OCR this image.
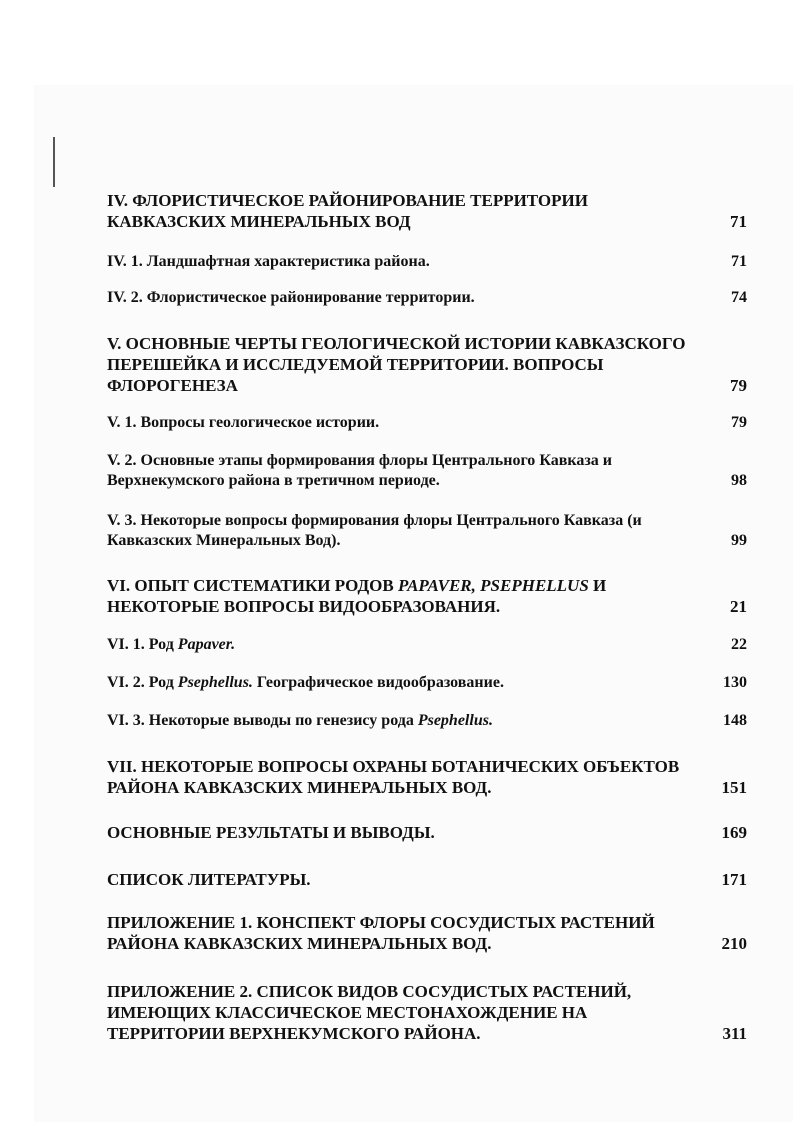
IV. ФЛОРИСТИЧЕСКОЕ РАЙОНИРОВАНИЕ ТЕРРИТОРИИ
КАВКАЗСКИХ МИНЕРАЛЬНЫХ ВОД	71
IV. 1. Ландшафтная характеристика района.	71
IV. 2. Флористическое районирование территории.	74
V. ОСНОВНЫЕ ЧЕРТЫ ГЕОЛОГИЧЕСКОЙ ИСТОРИИ КАВКАЗСКОГО
ПЕРЕШЕЙКА И ИССЛЕДУЕМОЙ ТЕРРИТОРИИ. ВОПРОСЫ
ФЛОРОГЕНЕЗА	79
V. 1. Вопросы геологическое истории.	79
V. 2. Основные этапы формирования флоры Центрального Кавказа и
Верхнекумского района в третичном периоде.	98
V. 3. Некоторые вопросы формирования флоры Центрального Кавказа (и
Кавказских Минеральных Вод).	99
VI. ОПЫТ СИСТЕМАТИКИ РОДОВ PAPAVER, PSEPHELLUS И
НЕКОТОРЫЕ ВОПРОСЫ ВИДООБРАЗОВАНИЯ.	21
VI. 1. Род Papaver.	22
VI. 2. Род Psephellus. Географическое видообразование.	130
VI. 3. Некоторые выводы по генезису рода Psephellus.	148
VII. НЕКОТОРЫЕ ВОПРОСЫ ОХРАНЫ БОТАНИЧЕСКИХ ОБЪЕКТОВ
РАЙОНА КАВКАЗСКИХ МИНЕРАЛЬНЫХ ВОД.	151
ОСНОВНЫЕ РЕЗУЛЬТАТЫ И ВЫВОДЫ.	169
СПИСОК ЛИТЕРАТУРЫ.	171
ПРИЛОЖЕНИЕ 1. КОНСПЕКТ ФЛОРЫ СОСУДИСТЫХ РАСТЕНИЙ
РАЙОНА КАВКАЗСКИХ МИНЕРАЛЬНЫХ ВОД.	210
ПРИЛОЖЕНИЕ 2. СПИСОК ВИДОВ СОСУДИСТЫХ РАСТЕНИЙ,
ИМЕЮЩИХ КЛАССИЧЕСКОЕ МЕСТОНАХОЖДЕНИЕ НА
ТЕРРИТОРИИ ВЕРХНЕКУМСКОГО РАЙОНА.	311
